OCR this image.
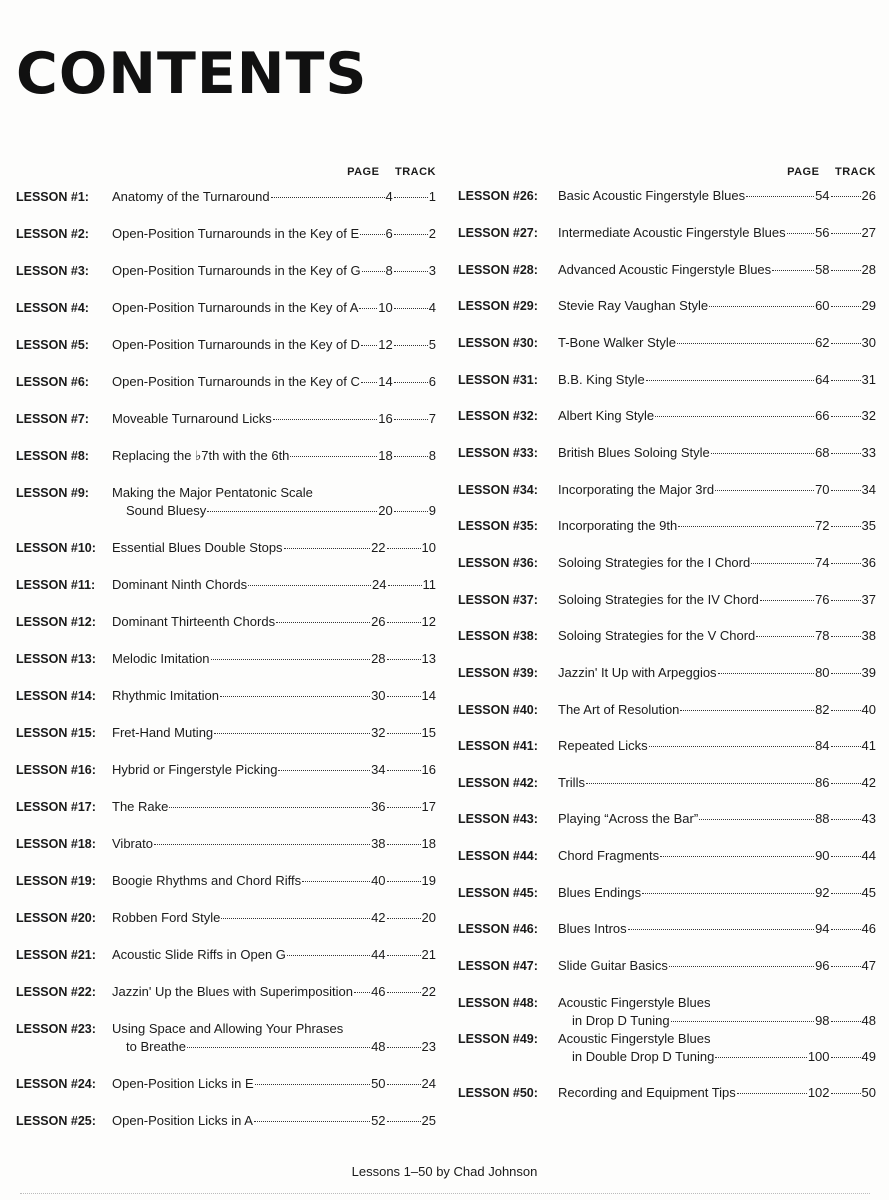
CONTENTS
PAGE TRACK
LESSON #1: Anatomy of the Turnaround	4	1
LESSON #2: Open-Position Turnarounds in the Key of E 6	2
LESSON #3: Open-Position Turnarounds in the Key of G 8	3
LESSON #4: Open-Position Turnarounds in the Key of A 10	4
LESSON #5: Open-Position Turnarounds in the Key of D 12	5
LESSON #6: Open-Position Turnarounds in the Key of C 14	6
LESSON #7: Moveable Turnaround Licks	16	7
LESSON #8: Replacing the ♭7th with the 6th	18	8
LESSON #9: Making the Major Pentatonic Scale
Sound Bluesy	20	9
LESSON #10: Essential Blues Double Stops	22	10
LESSON #11: Dominant Ninth Chords	24	11
LESSON #12: Dominant Thirteenth Chords	26	12
LESSON #13: Melodic Imitation	28	13
LESSON #14: Rhythmic Imitation	30	14
LESSON #15: Fret-Hand Muting	32	15
LESSON #16: Hybrid or Fingerstyle Picking	34	16
LESSON #17: The Rake	36	17
LESSON #18: Vibrato	38	18
LESSON #19: Boogie Rhythms and Chord Riffs	40	19
LESSON #20: Robben Ford Style	42	20
LESSON #21: Acoustic Slide Riffs in Open G	44	21
LESSON #22: Jazzin' Up the Blues with Superimposition 46	22
LESSON #23: Using Space and Allowing Your Phrases
to Breathe	48	23
LESSON #24: Open-Position Licks in E	50	24
LESSON #25: Open-Position Licks in A	52	25
PAGE TRACK
LESSON #26: Basic Acoustic Fingerstyle Blues	54 26
LESSON #27: Intermediate Acoustic Fingerstyle Blues 56 27
LESSON #28: Advanced Acoustic Fingerstyle Blues	58 28
LESSON #29: Stevie Ray Vaughan Style	60 29
LESSON #30: T-Bone Walker Style	62 30
LESSON #31: B.B. King Style	64 31
LESSON #32: Albert King Style	66 32
LESSON #33: British Blues Soloing Style	68 33
LESSON #34: Incorporating the Major 3rd	70 34
LESSON #35: Incorporating the 9th	72 35
LESSON #36: Soloing Strategies for the I Chord	74 36
LESSON #37: Soloing Strategies for the IV Chord	76 37
LESSON #38: Soloing Strategies for the V Chord	78 38
LESSON #39: Jazzin' It Up with Arpeggios	80 39
LESSON #40: The Art of Resolution	82 40
LESSON #41: Repeated Licks	84 41
LESSON #42: Trills	86 42
LESSON #43: Playing “Across the Bar”	88 43
LESSON #44: Chord Fragments	90 44
LESSON #45: Blues Endings	92 45
LESSON #46: Blues Intros	94 46
LESSON #47: Slide Guitar Basics	96 47
LESSON #48: Acoustic Fingerstyle Blues
in Drop D Tuning	98 48
LESSON #49: Acoustic Fingerstyle Blues
in Double Drop D Tuning	100 49
LESSON #50: Recording and Equipment Tips	102 50
Lessons 1–50 by Chad Johnson
